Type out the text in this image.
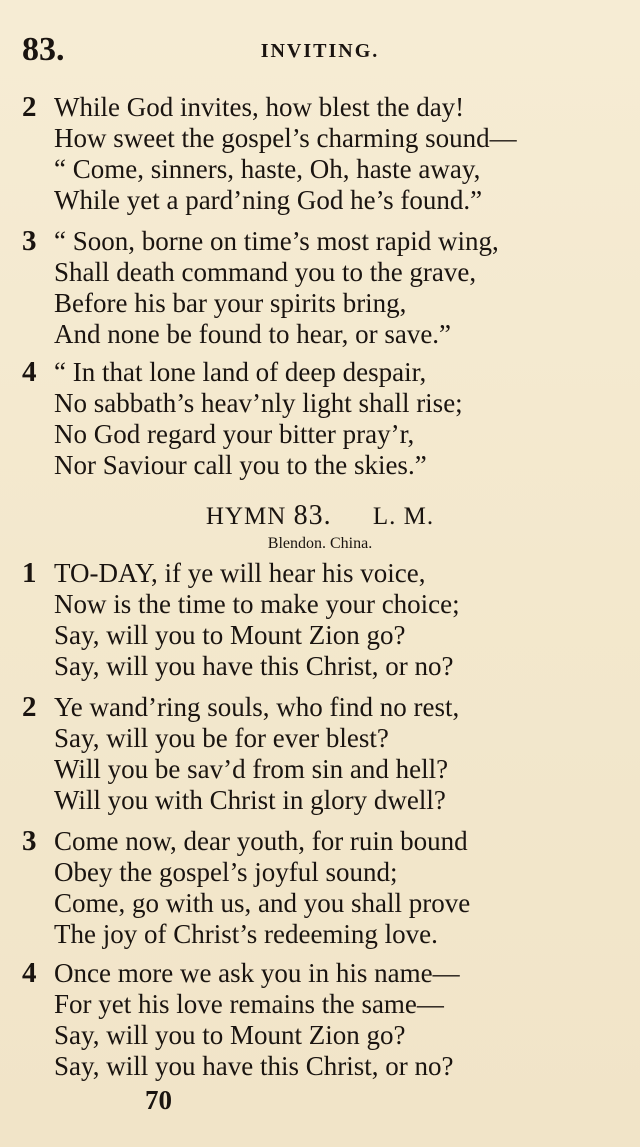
83.	INVITING.
2 While God invites, how blest the day!
How sweet the gospel’s charming sound—
“ Come, sinners, haste, Oh, haste away,
While yet a pard’ning God he’s found.”
3 “ Soon, borne on time’s most rapid wing,
Shall death command you to the grave,
Before his bar your spirits bring,
And none be found to hear, or save.”
4 “ In that lone land of deep despair,
No sabbath’s heav’nly light shall rise;
No God regard your bitter pray’r,
Nor Saviour call you to the skies.”
HYMN 83. L. M.
Blendon. China.
1 TO-DAY, if ye will hear his voice,
Now is the time to make your choice;
Say, will you to Mount Zion go?
Say, will you have this Christ, or no?
2 Ye wand’ring souls, who find no rest,
Say, will you be for ever blest?
Will you be sav’d from sin and hell?
Will you with Christ in glory dwell?
3 Come now, dear youth, for ruin bound
Obey the gospel’s joyful sound;
Come, go with us, and you shall prove
The joy of Christ’s redeeming love.
4 Once more we ask you in his name—
For yet his love remains the same—
Say, will you to Mount Zion go?
Say, will you have this Christ, or no?
70
